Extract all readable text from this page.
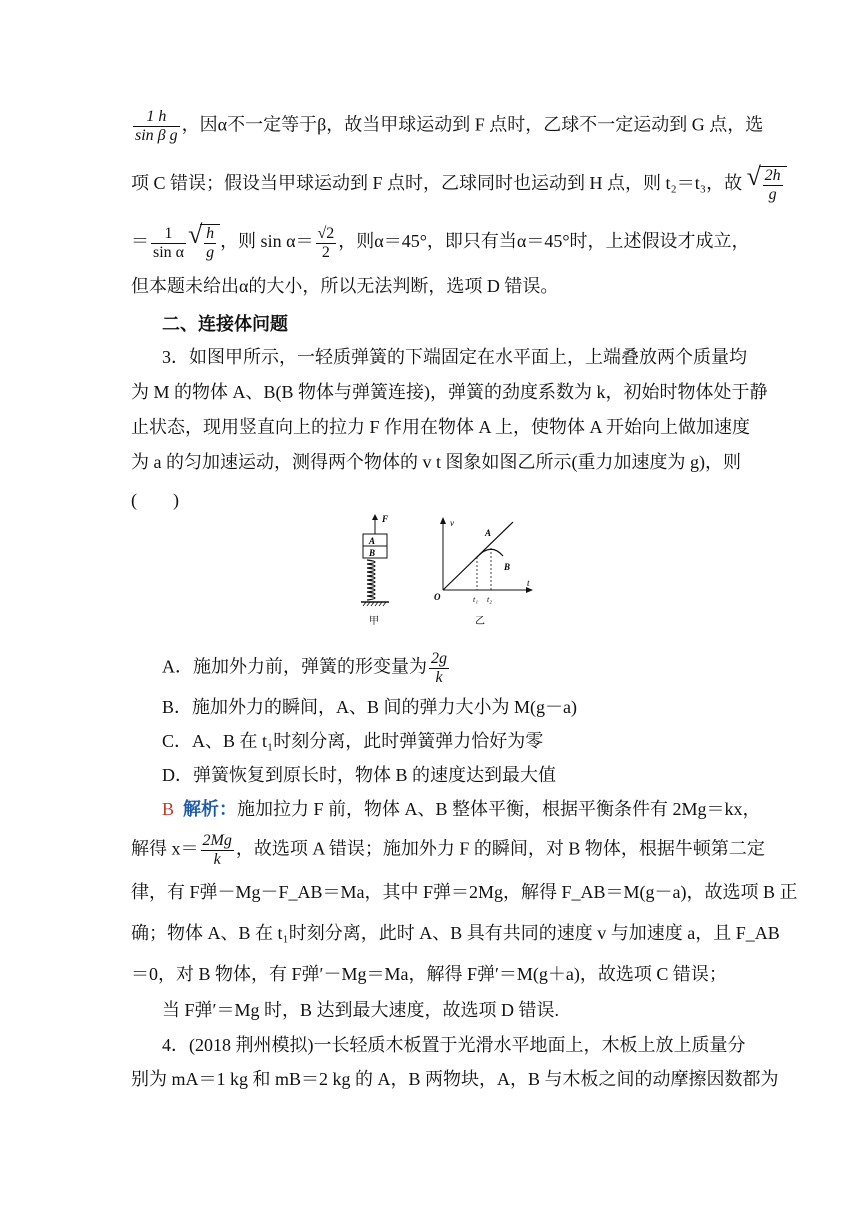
$\frac{1 h}{\text{sin β g}}$ ，因α不一定等于β，故当甲球运动到 F 点时，乙球不一定运动到 G 点，选
项 C 错误；假设当甲球运动到 F 点时，乙球同时也运动到 H 点，则 t₂＝t₃，故 √ $\frac{2h}{g}$
＝ $\frac{1}{\text{sin α}}$ √ $\frac{h}{g}$ ，则 $\sin \alpha= \frac{√2}{2}$ ，则α＝45°，即只有当α＝45°时，上述假设才成立，
但本题未给出α的大小，所以无法判断，选项 D 错误。
二、连接体问题
3．如图甲所示，一轻质弹簧的下端固定在水平面上，上端叠放两个质量均
为 M 的物体 A、B(B 物体与弹簧连接)，弹簧的劲度系数为 k，初始时物体处于静
止状态，现用竖直向上的拉力 F 作用在物体 A 上，使物体 A 开始向上做加速度
为 a 的匀加速运动，测得两个物体的 v t 图象如图乙所示(重力加速度为 g)，则
(　　)
F
A
B
甲
v
t
O
A
B
t₁ t₂
乙
A．施加外力前，弹簧的形变量为 $\frac{2g}{k}$
B．施加外力的瞬间，A、B 间的弹力大小为 M(g－a)
C．A、B 在 t₁时刻分离，此时弹簧弹力恰好为零
D．弹簧恢复到原长时，物体 B 的速度达到最大值
B 解析：施加拉力 F 前，物体 A、B 整体平衡，根据平衡条件有 2Mg＝kx，
解得 $x= \frac{2Mg}{k}$ ，故选项 A 错误；施加外力 F 的瞬间，对 B 物体，根据牛顿第二定
律，有 F弹－Mg－F_AB＝Ma，其中 F弹＝2Mg，解得 F_AB＝M(g－a)，故选项 B 正
确；物体 A、B 在 t₁时刻分离，此时 A、B 具有共同的速度 v 与加速度 a，且 F_AB
＝0，对 B 物体，有 F弹′－Mg＝Ma，解得 F弹′＝M(g＋a)，故选项 C 错误；
当 F弹′＝Mg 时，B 达到最大速度，故选项 D 错误.
4．(2018 荆州模拟)一长轻质木板置于光滑水平地面上，木板上放上质量分
别为 mA＝1 kg 和 mB＝2 kg 的 A，B 两物块，A，B 与木板之间的动摩擦因数都为
